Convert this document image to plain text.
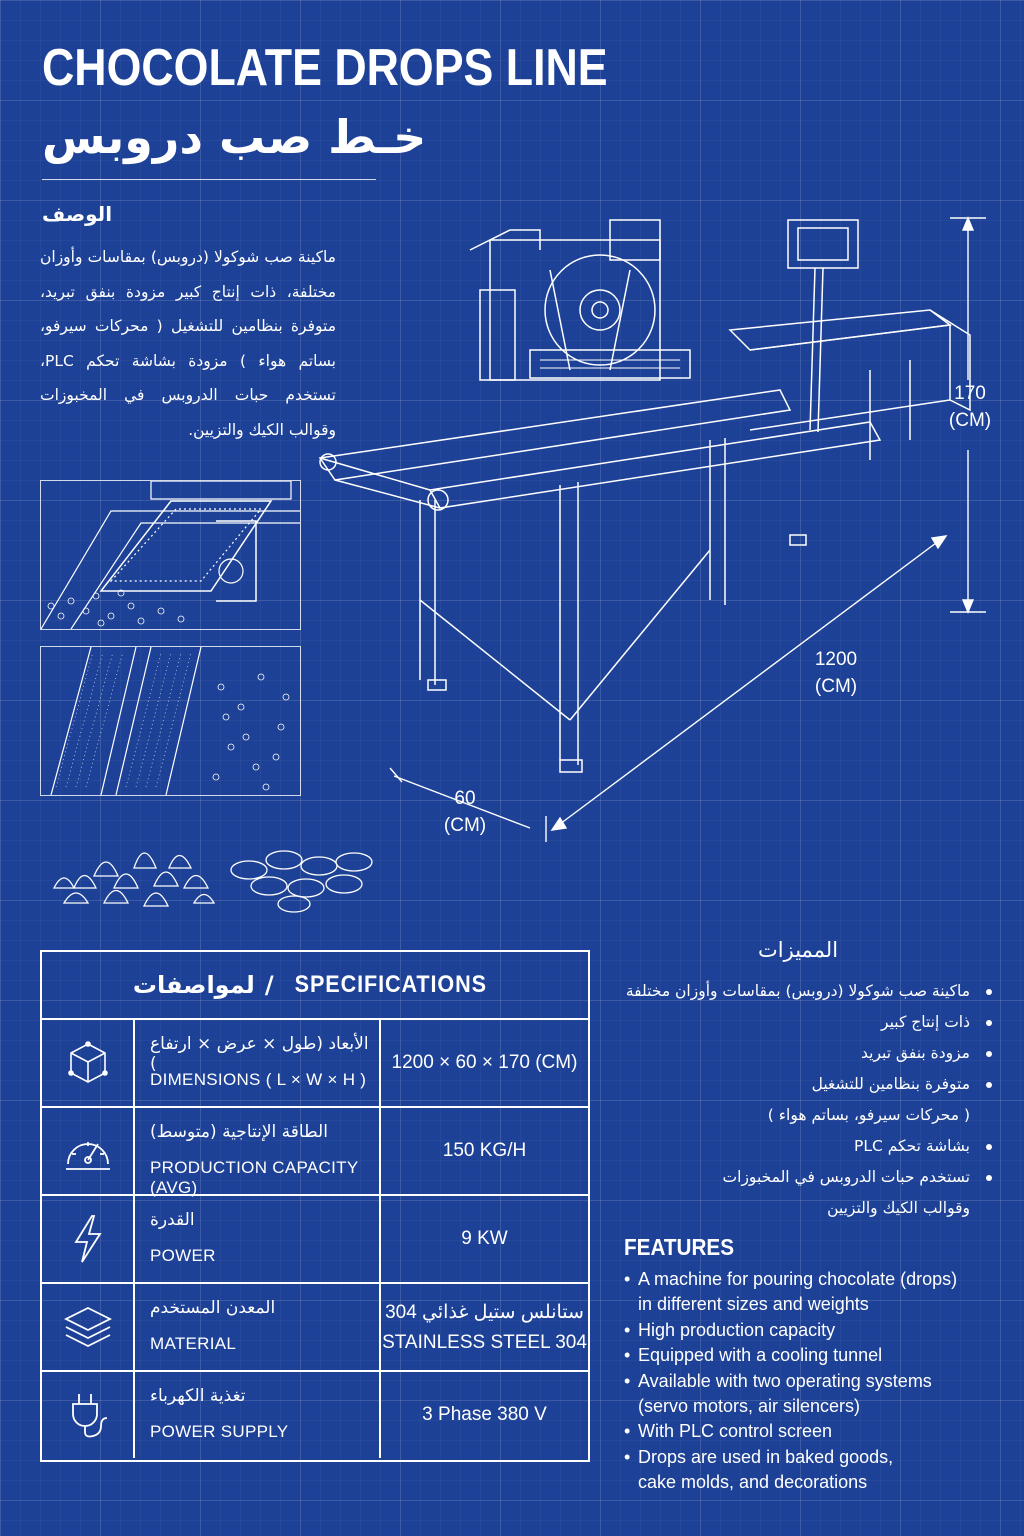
CHOCOLATE DROPS LINE
خـط صب دروبس
الوصف
ماكينة صب شوكولا (دروبس) بمقاسات وأوزان مختلفة، ذات إنتاج كبير مزودة بنفق تبريد، متوفرة بنظامين للتشغيل ( محركات سيرفو، بساتم هواء ) مزودة بشاشة تحكم PLC، تستخدم حبات الدروبس في المخبوزات وقوالب الكيك والتزيين.
170
(CM)
1200
(CM)
60
(CM)
لمواصفات / SPECIFICATIONS
الأبعاد (طول × عرض × ارتفاع )
DIMENSIONS ( L × W × H )
1200 × 60 × 170 (CM)
الطاقة الإنتاجية (متوسط)
PRODUCTION CAPACITY (AVG)
150 KG/H
القدرة
POWER
9 KW
المعدن المستخدم
MATERIAL
ستانلس ستيل غذائي 304
STAINLESS STEEL 304
تغذية الكهرباء
POWER SUPPLY
3 Phase 380 V
المميزات
ماكينة صب شوكولا (دروبس) بمقاسات وأوزان مختلفة
ذات إنتاج كبير
مزودة بنفق تبريد
متوفرة بنظامين للتشغيل
( محركات سيرفو، بساتم هواء )
بشاشة تحكم PLC
تستخدم حبات الدروبس في المخبوزات
وقوالب الكيك والتزيين
FEATURES
• A machine for pouring chocolate (drops)
in different sizes and weights
• High production capacity
• Equipped with a cooling tunnel
• Available with two operating systems
(servo motors, air silencers)
• With PLC control screen
• Drops are used in baked goods,
cake molds, and decorations
